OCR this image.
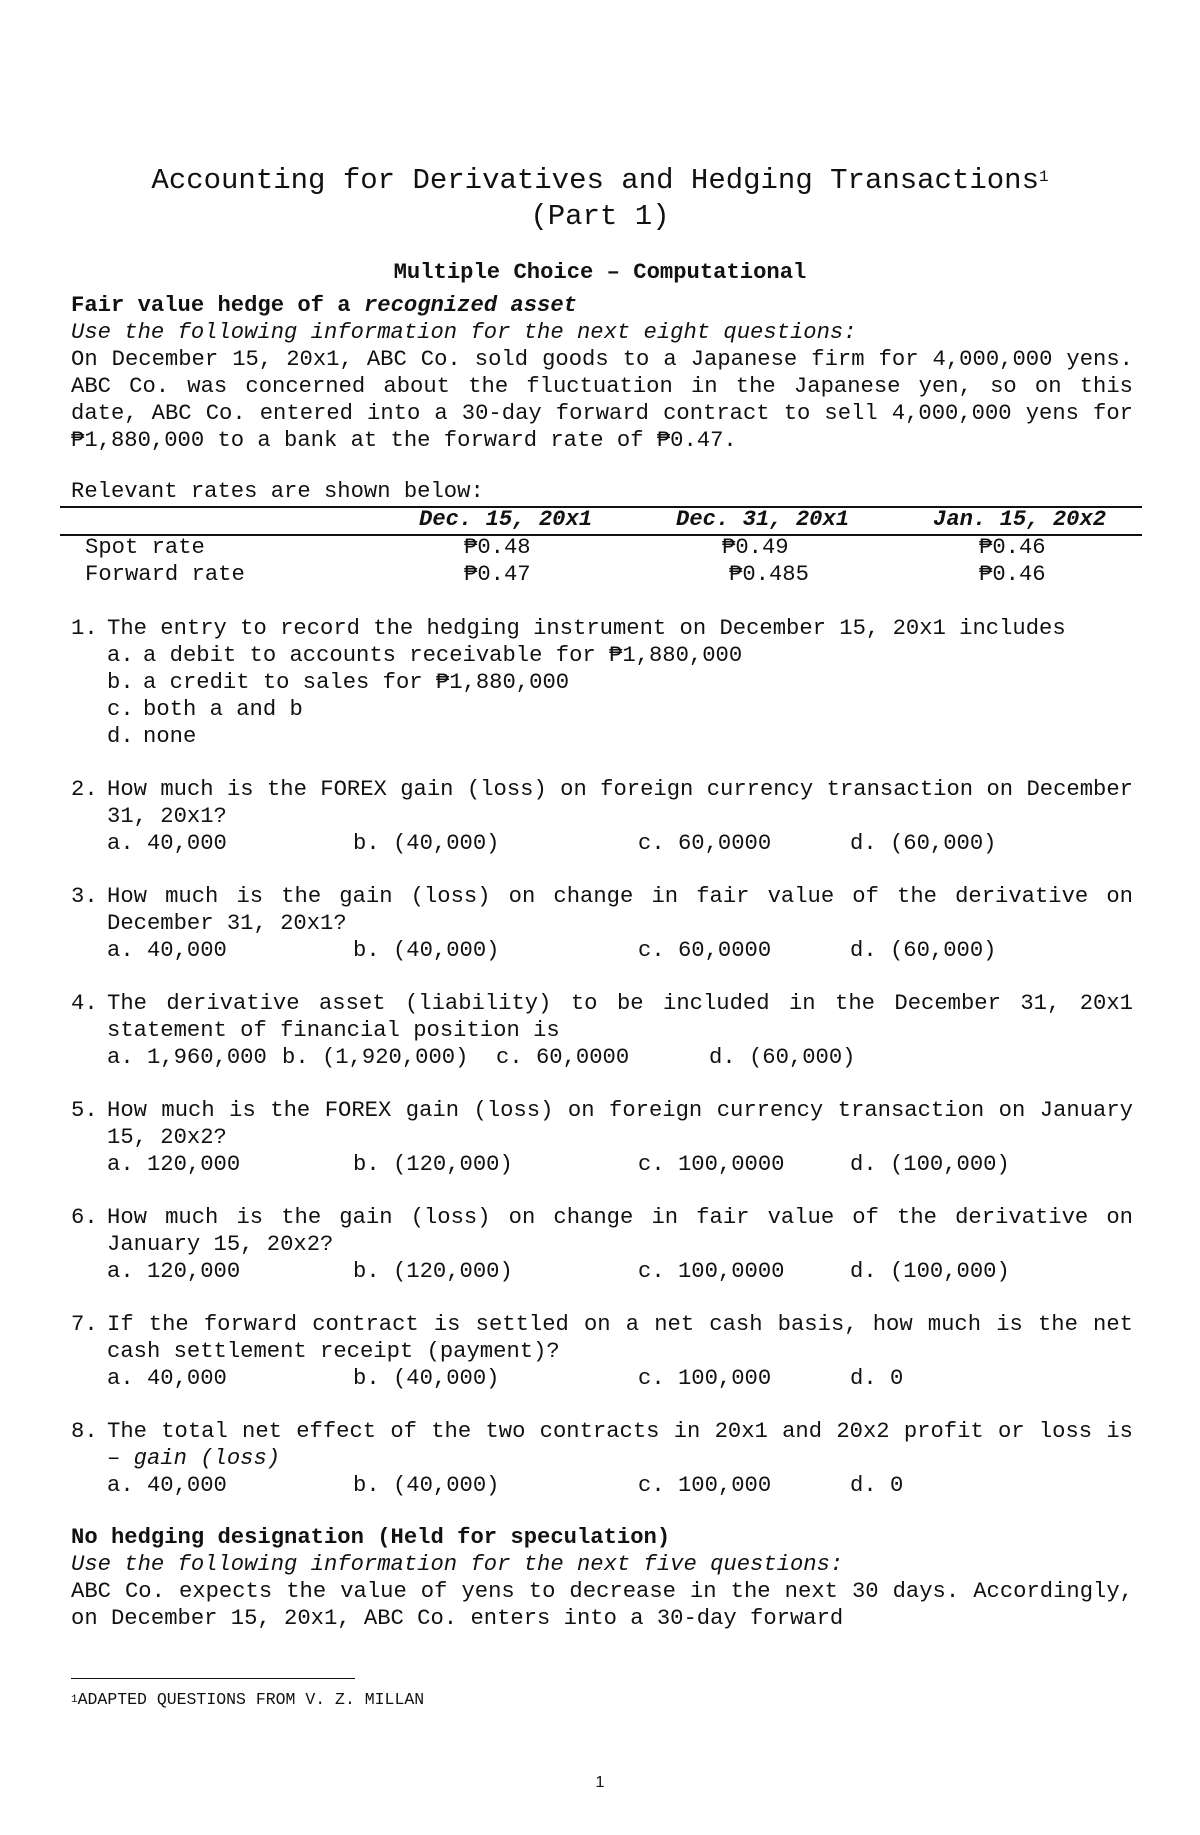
Accounting for Derivatives and Hedging Transactions$^1$
(Part 1)
Multiple Choice – Computational
Fair value hedge of a recognized asset
Use the following information for the next eight questions:
On December 15, 20x1, ABC Co. sold goods to a Japanese firm for 4,000,000 yens. ABC Co. was concerned about the fluctuation in the Japanese yen, so on this date, ABC Co. entered into a 30-day forward contract to sell 4,000,000 yens for ₱1,880,000 to a bank at the forward rate of ₱0.47.
Relevant rates are shown below:
Dec. 15, 20x1	Dec. 31, 20x1	Jan. 15, 20x2
Spot rate	₱0.48	₱0.49	₱0.46
Forward rate	₱0.47	₱0.485	₱0.46
1. The entry to record the hedging instrument on December 15, 20x1 includes
a. a debit to accounts receivable for ₱1,880,000
b. a credit to sales for ₱1,880,000
c. both a and b
d. none
2. How much is the FOREX gain (loss) on foreign currency transaction on December 31, 20x1?
a. 40,000	b. (40,000)	c. 60,0000	d. (60,000)
3. How much is the gain (loss) on change in fair value of the derivative on December 31, 20x1?
a. 40,000	b. (40,000)	c. 60,0000	d. (60,000)
4. The derivative asset (liability) to be included in the December 31, 20x1 statement of financial position is
a. 1,960,000 b. (1,920,000) c. 60,0000	d. (60,000)
5. How much is the FOREX gain (loss) on foreign currency transaction on January 15, 20x2?
a. 120,000	b. (120,000)	c. 100,0000	d. (100,000)
6. How much is the gain (loss) on change in fair value of the derivative on January 15, 20x2?
a. 120,000	b. (120,000)	c. 100,0000	d. (100,000)
7. If the forward contract is settled on a net cash basis, how much is the net cash settlement receipt (payment)?
a. 40,000	b. (40,000)	c. 100,000	d. 0
8. The total net effect of the two contracts in 20x1 and 20x2 profit or loss is – gain (loss)
a. 40,000	b. (40,000)	c. 100,000	d. 0
No hedging designation (Held for speculation)
Use the following information for the next five questions:
ABC Co. expects the value of yens to decrease in the next 30 days. Accordingly, on December 15, 20x1, ABC Co. enters into a 30-day forward
$^1$ADAPTED QUESTIONS FROM V. Z. MILLAN
1
